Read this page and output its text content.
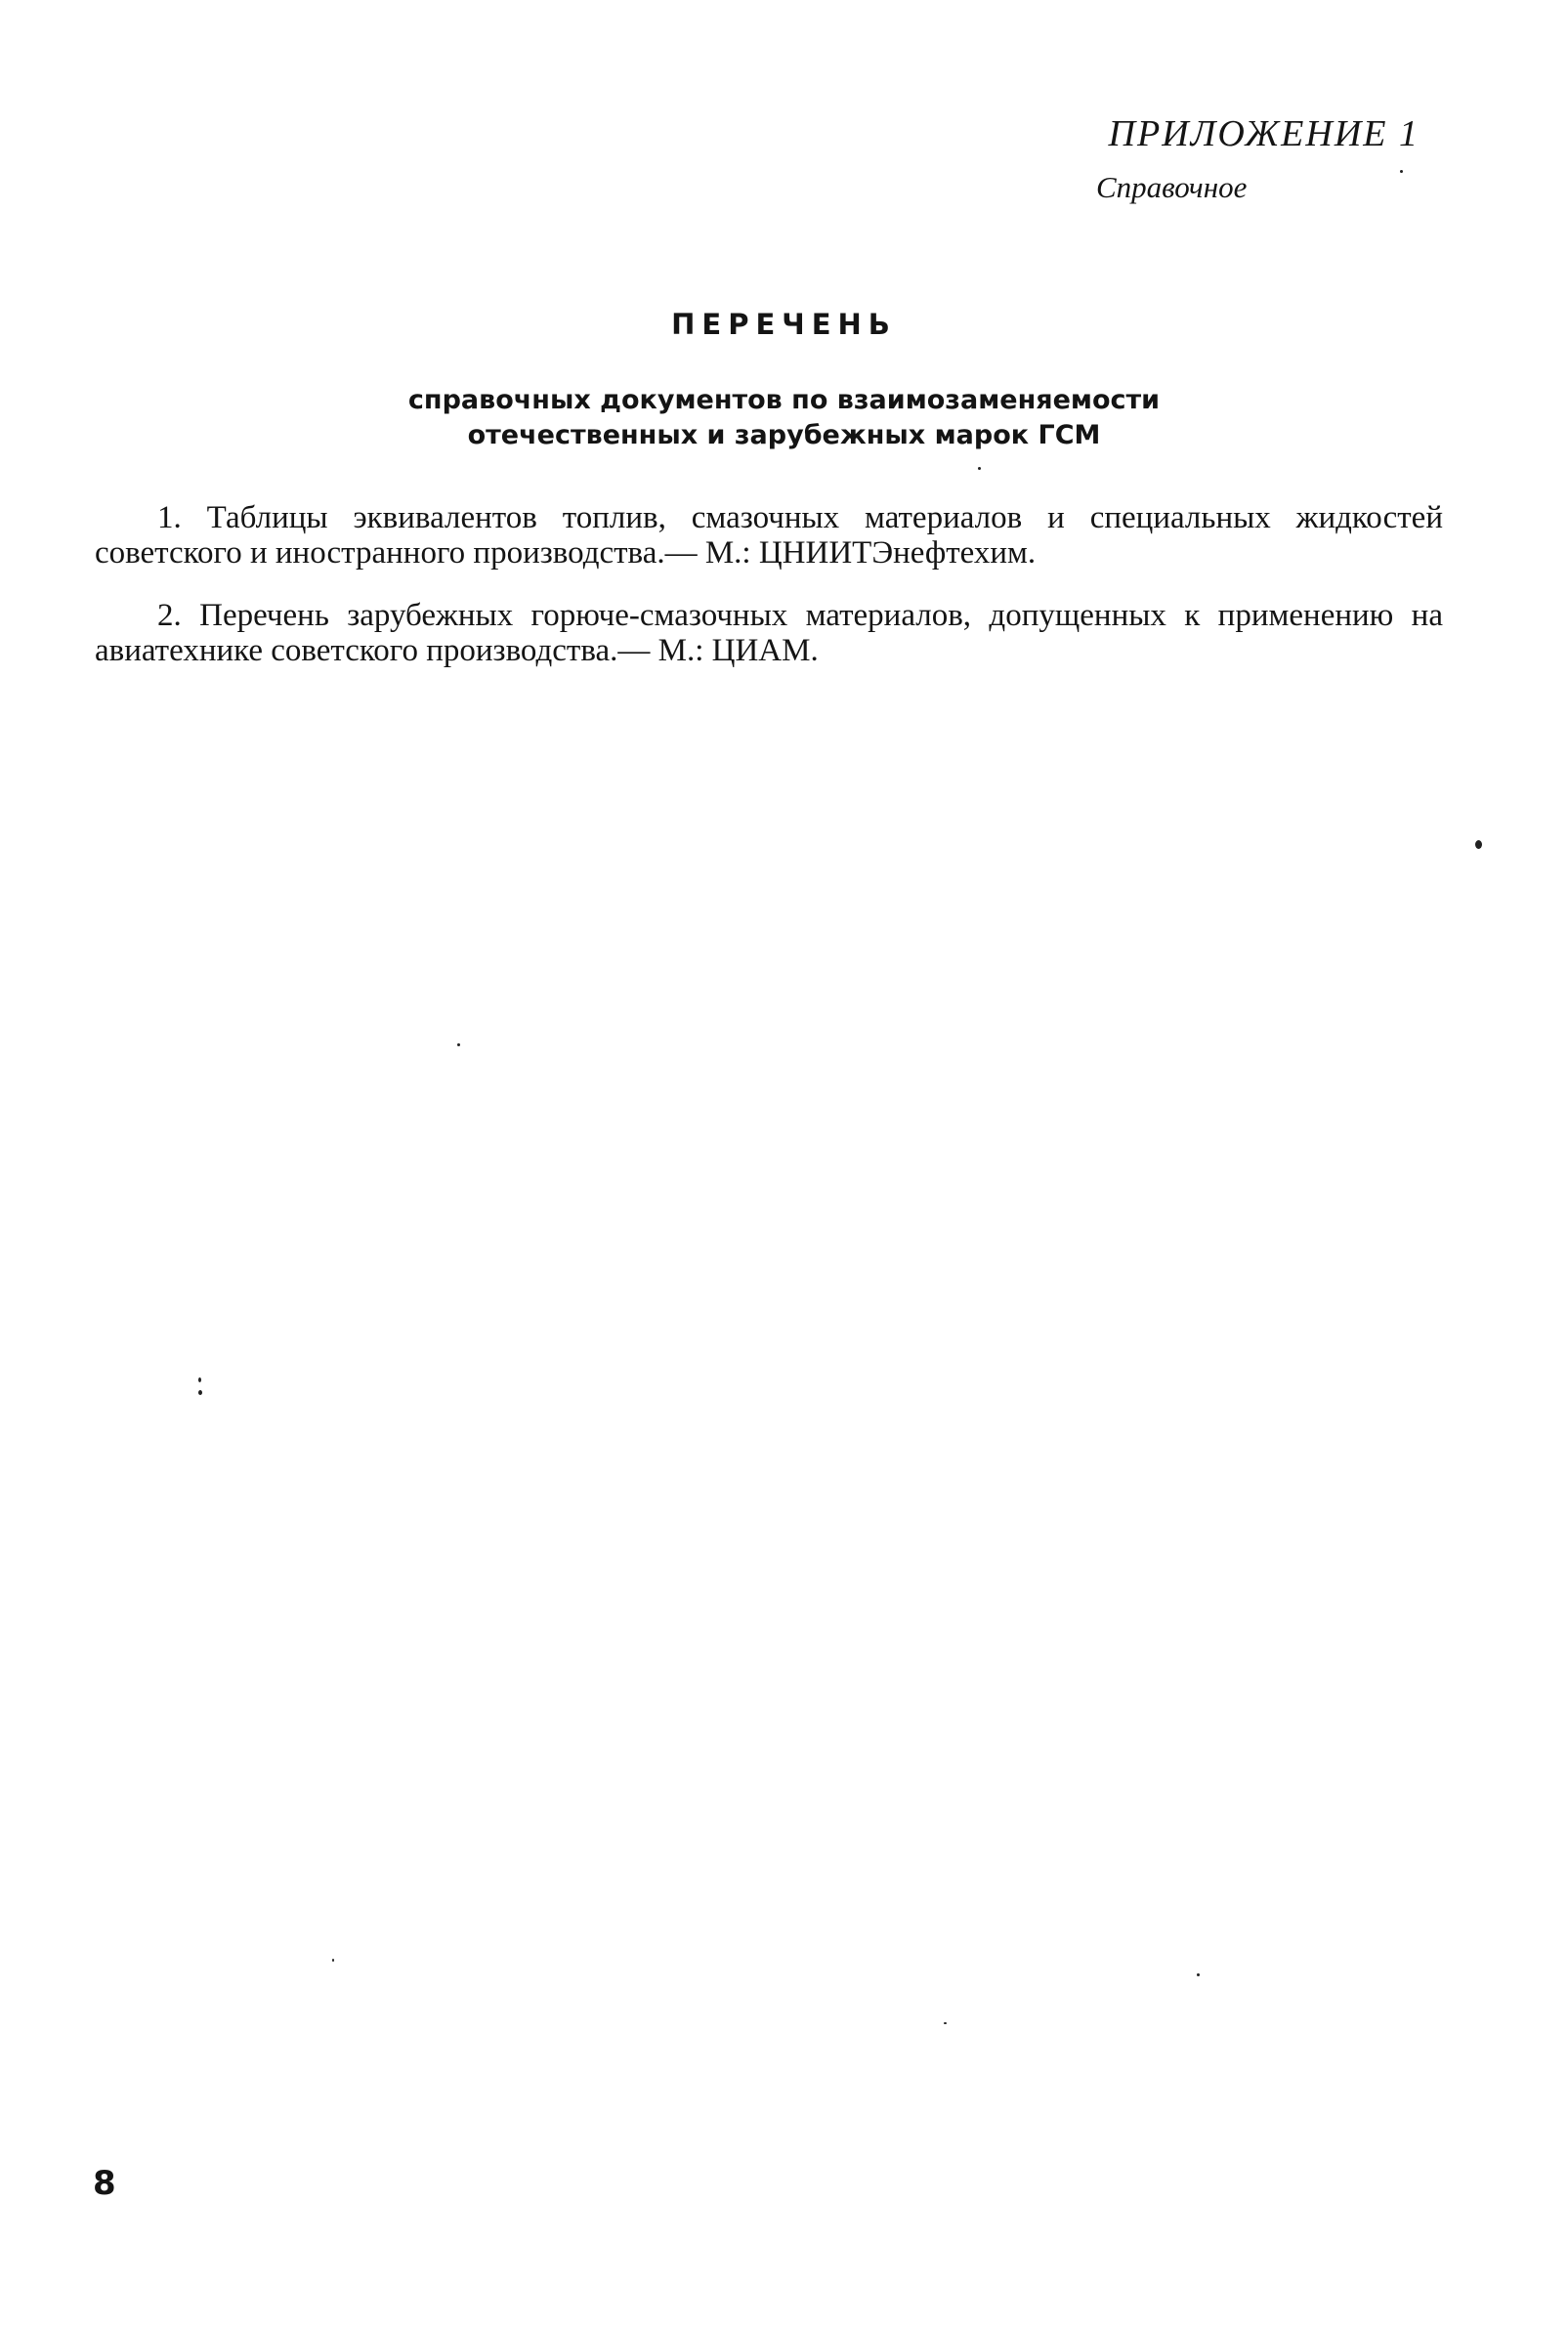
ПРИЛОЖЕНИЕ 1

Справочное

ПЕРЕЧЕНЬ
справочных документов по взаимозаменяемости
отечественных и зарубежных марок ГСМ
1. Таблицы эквивалентов топлив, смазочных материалов и специальных жидкостей советского и иностранного производства.— М.: ЦНИИТЭнефтехим.
2. Перечень зарубежных горюче-смазочных материалов, допущенных к применению на авиатехнике советского производства.— М.: ЦИАМ.

8
